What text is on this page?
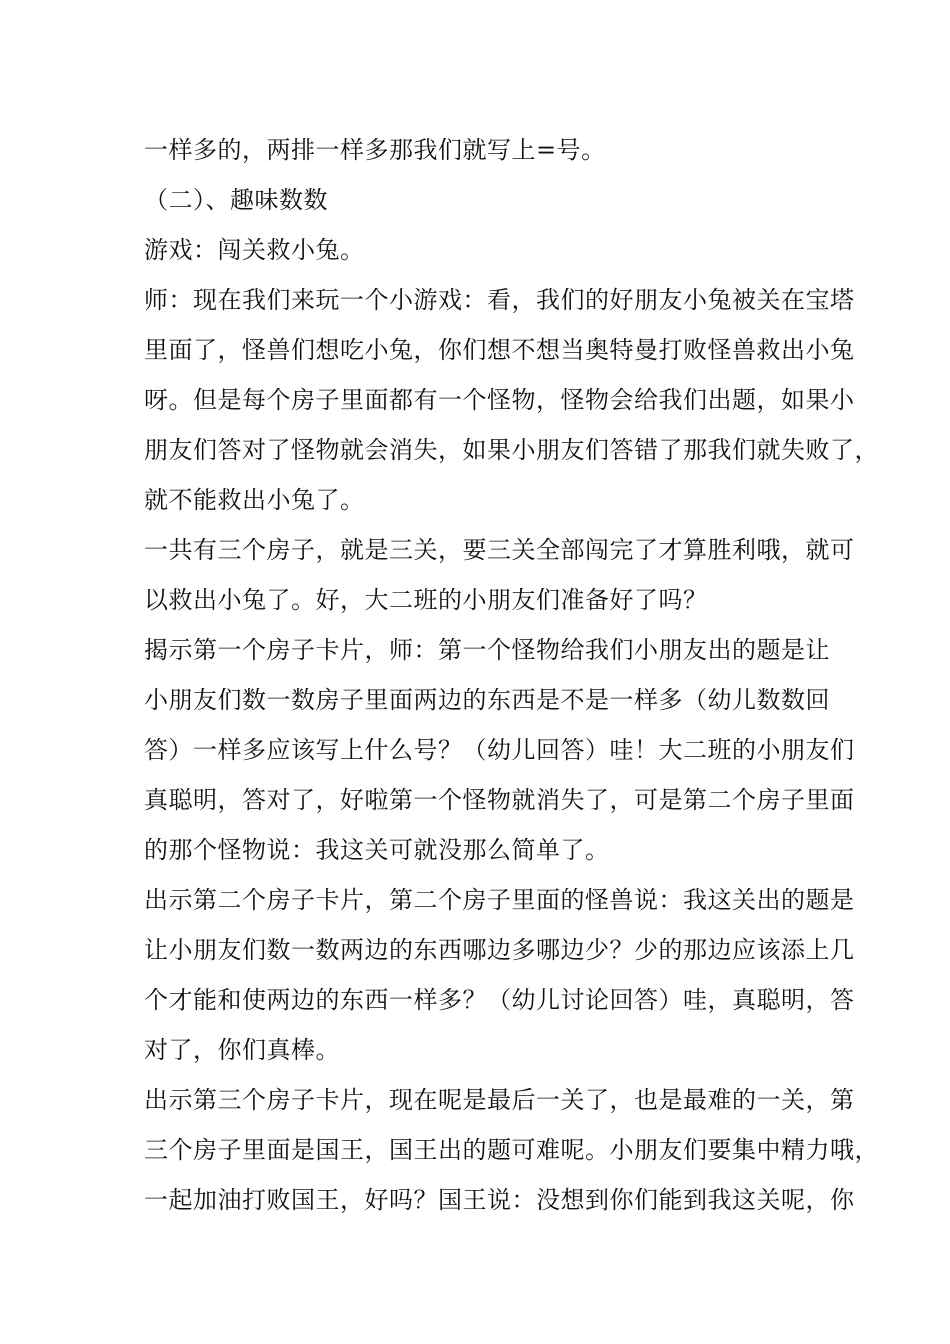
一样多的，两排一样多那我们就写上=号。
（二）、趣味数数
游戏：闯关救小兔。
师：现在我们来玩一个小游戏：看，我们的好朋友小兔被关在宝塔
里面了，怪兽们想吃小兔，你们想不想当奥特曼打败怪兽救出小兔
呀。但是每个房子里面都有一个怪物，怪物会给我们出题，如果小
朋友们答对了怪物就会消失，如果小朋友们答错了那我们就失败了，
就不能救出小兔了。
一共有三个房子，就是三关，要三关全部闯完了才算胜利哦，就可
以救出小兔了。好，大二班的小朋友们准备好了吗？
揭示第一个房子卡片，师：第一个怪物给我们小朋友出的题是让
小朋友们数一数房子里面两边的东西是不是一样多（幼儿数数回
答）一样多应该写上什么号？（幼儿回答）哇！大二班的小朋友们
真聪明，答对了，好啦第一个怪物就消失了，可是第二个房子里面
的那个怪物说：我这关可就没那么简单了。
出示第二个房子卡片，第二个房子里面的怪兽说：我这关出的题是
让小朋友们数一数两边的东西哪边多哪边少？少的那边应该添上几
个才能和使两边的东西一样多？（幼儿讨论回答）哇，真聪明，答
对了，你们真棒。
出示第三个房子卡片，现在呢是最后一关了，也是最难的一关，第
三个房子里面是国王，国王出的题可难呢。小朋友们要集中精力哦，
一起加油打败国王，好吗？国王说：没想到你们能到我这关呢，你
